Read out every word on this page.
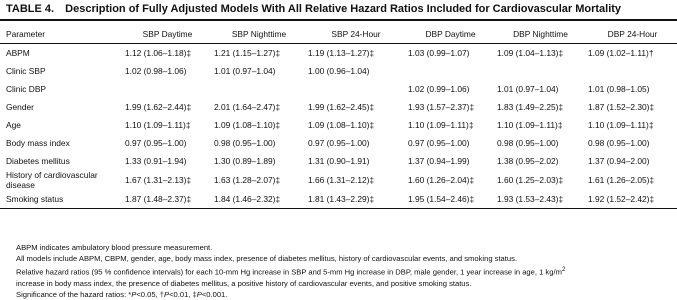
TABLE 4. Description of Fully Adjusted Models With All Relative Hazard Ratios Included for Cardiovascular Mortality
Parameter	SBP Daytime	SBP Nighttime	SBP 24-Hour	DBP Daytime	DBP Nighttime	DBP 24-Hour
ABPM	1.12 (1.06–1.18)‡	1.21 (1.15–1.27)‡	1.19 (1.13–1.27)‡	1.03 (0.99–1.07)	1.09 (1.04–1.13)‡	1.09 (1.02–1.11)†
Clinic SBP	1.02 (0.98–1.06)	1.01 (0.97–1.04)	1.00 (0.96–1.04)			
Clinic DBP				1.02 (0.99–1.06)	1.01 (0.97–1.04)	1.01 (0.98–1.05)
Gender	1.99 (1.62–2.44)‡	2.01 (1.64–2.47)‡	1.99 (1.62–2.45)‡	1.93 (1.57–2.37)‡	1.83 (1.49–2.25)‡	1.87 (1.52–2.30)‡
Age	1.10 (1.09–1.11)‡	1.09 (1.08–1.10)‡	1.09 (1.08–1.10)‡	1.10 (1.09–1.11)‡	1.10 (1.09–1.11)‡	1.10 (1.09–1.11)‡
Body mass index	0.97 (0.95–1.00)	0.98 (0.95–1.00)	0.97 (0.95–1.00)	0.97 (0.95–1.00)	0.98 (0.95–1.00)	0.98 (0.95–1.00)
Diabetes mellitus	1.33 (0.91–1.94)	1.30 (0.89–1.89)	1.31 (0.90–1.91)	1.37 (0.94–1.99)	1.38 (0.95–2.02)	1.37 (0.94–2.00)
History of cardiovascular disease	1.67 (1.31–2.13)‡	1.63 (1.28–2.07)‡	1.66 (1.31–2.12)‡	1.60 (1.26–2.04)‡	1.60 (1.25–2.03)‡	1.61 (1.26–2.05)‡
Smoking status	1.87 (1.48–2.37)‡	1.84 (1.46–2.32)‡	1.81 (1.43–2.29)‡	1.95 (1.54–2.46)‡	1.93 (1.53–2.43)‡	1.92 (1.52–2.42)‡

ABPM indicates ambulatory blood pressure measurement.

All models include ABPM, CBPM, gender, age, body mass index, presence of diabetes mellitus, history of cardiovascular events, and smoking status.

Relative hazard ratios (95 % confidence intervals) for each 10-mm Hg increase in SBP and 5-mm Hg increase in DBP, male gender, 1 year increase in age, 1 $kg/m^2$
increase in body mass index, the presence of diabetes mellitus, a positive history of cardiovascular events, and positive smoking status.

Significance of the hazard ratios: *P<0.05, †P<0.01, ‡P<0.001.
